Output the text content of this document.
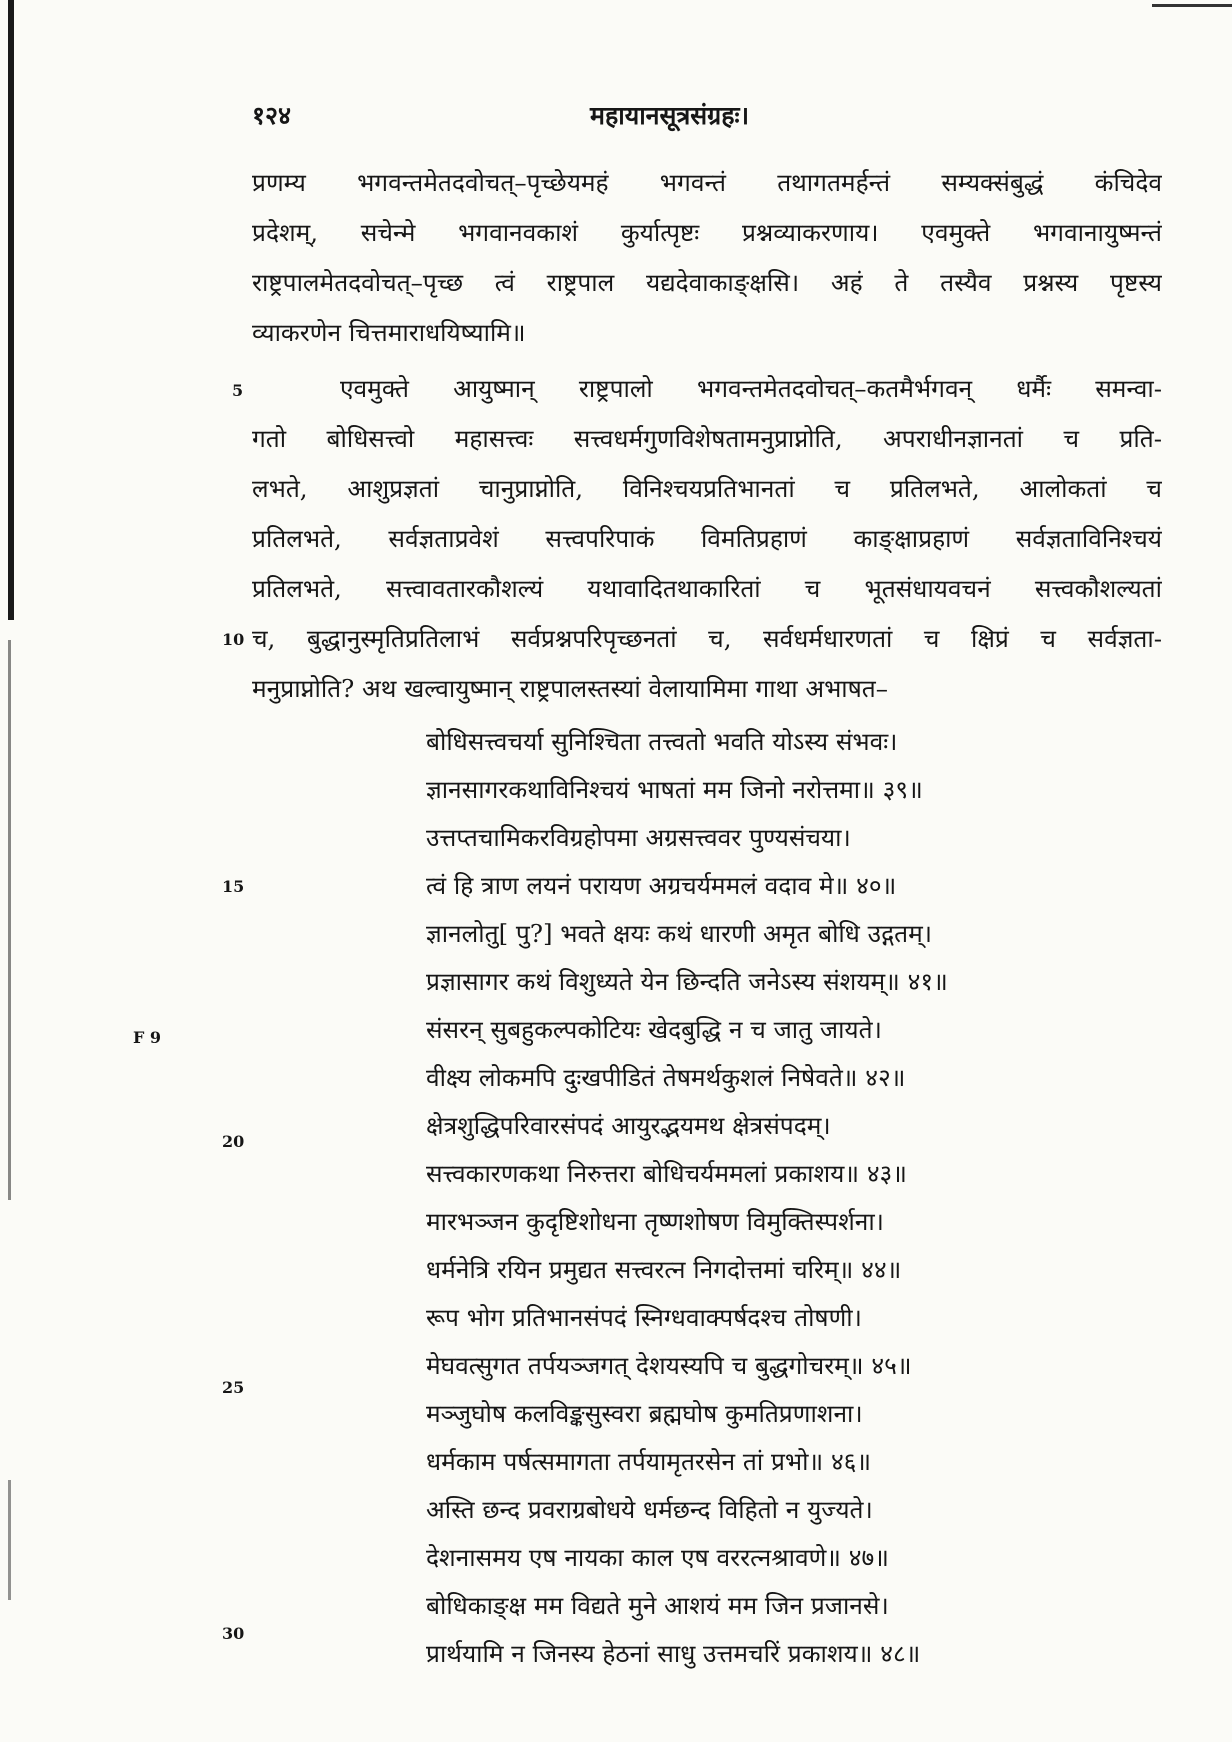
१२४	महायानसूत्रसंग्रहः।
प्रणम्य भगवन्तमेतदवोचत्–पृच्छेयमहं भगवन्तं तथागतमर्हन्तं सम्यक्संबुद्धं कंचिदेव
प्रदेशम्, सचेन्मे भगवानवकाशं कुर्यात्पृष्टः प्रश्नव्याकरणाय। एवमुक्ते भगवानायुष्मन्तं
राष्ट्रपालमेतदवोचत्–पृच्छ त्वं राष्ट्रपाल यद्यदेवाकाङ्क्षसि। अहं ते तस्यैव प्रश्नस्य पृष्टस्य
व्याकरणेन चित्तमाराधयिष्यामि॥
एवमुक्ते आयुष्मान् राष्ट्रपालो भगवन्तमेतदवोचत्–कतमैर्भगवन् धर्मैः समन्वा-
गतो बोधिसत्त्वो महासत्त्वः सत्त्वधर्मगुणविशेषतामनुप्राप्नोति, अपराधीनज्ञानतां च प्रति-
लभते, आशुप्रज्ञतां चानुप्राप्नोति, विनिश्चयप्रतिभानतां च प्रतिलभते, आलोकतां च
प्रतिलभते, सर्वज्ञताप्रवेशं सत्त्वपरिपाकं विमतिप्रहाणं काङ्क्षाप्रहाणं सर्वज्ञताविनिश्चयं
प्रतिलभते, सत्त्वावतारकौशल्यं यथावादितथाकारितां च भूतसंधायवचनं सत्त्वकौशल्यतां
च, बुद्धानुस्मृतिप्रतिलाभं सर्वप्रश्नपरिपृच्छनतां च, सर्वधर्मधारणतां च क्षिप्रं च सर्वज्ञता-
मनुप्राप्नोति? अथ खल्वायुष्मान् राष्ट्रपालस्तस्यां वेलायामिमा गाथा अभाषत–
बोधिसत्त्वचर्या सुनिश्चिता तत्त्वतो भवति योऽस्य संभवः।
ज्ञानसागरकथाविनिश्चयं भाषतां मम जिनो नरोत्तमा॥ ३९॥
उत्तप्तचामिकरविग्रहोपमा अग्रसत्त्ववर पुण्यसंचया।
त्वं हि त्राण लयनं परायण अग्रचर्यममलं वदाव मे॥ ४०॥
ज्ञानलोतु[ पु?] भवते क्षयः कथं धारणी अमृत बोधि उद्गतम्।
प्रज्ञासागर कथं विशुध्यते येन छिन्दति जनेऽस्य संशयम्॥ ४१॥
संसरन् सुबहुकल्पकोटियः खेदबुद्धि न च जातु जायते।
वीक्ष्य लोकमपि दुःखपीडितं तेषमर्थकुशलं निषेवते॥ ४२॥
क्षेत्रशुद्धिपरिवारसंपदं आयुरद्भयमथ क्षेत्रसंपदम्।
सत्त्वकारणकथा निरुत्तरा बोधिचर्यममलां प्रकाशय॥ ४३॥
मारभञ्जन कुदृष्टिशोधना तृष्णशोषण विमुक्तिस्पर्शना।
धर्मनेत्रि रयिन प्रमुद्यत सत्त्वरत्न निगदोत्तमां चरिम्॥ ४४॥
रूप भोग प्रतिभानसंपदं स्निग्धवाक्पर्षदश्च तोषणी।
मेघवत्सुगत तर्पयञ्जगत् देशयस्यपि च बुद्धगोचरम्॥ ४५॥
मञ्जुघोष कलविङ्कसुस्वरा ब्रह्मघोष कुमतिप्रणाशना।
धर्मकाम पर्षत्समागता तर्पयामृतरसेन तां प्रभो॥ ४६॥
अस्ति छन्द प्रवराग्रबोधये धर्मछन्द विहितो न युज्यते।
देशनासमय एष नायका काल एष वररत्नश्रावणे॥ ४७॥
बोधिकाङ्क्ष मम विद्यते मुने आशयं मम जिन प्रजानसे।
प्रार्थयामि न जिनस्य हेठनां साधु उत्तमचरिं प्रकाशय॥ ४८॥
5
10
15
20
25
30
F 9
